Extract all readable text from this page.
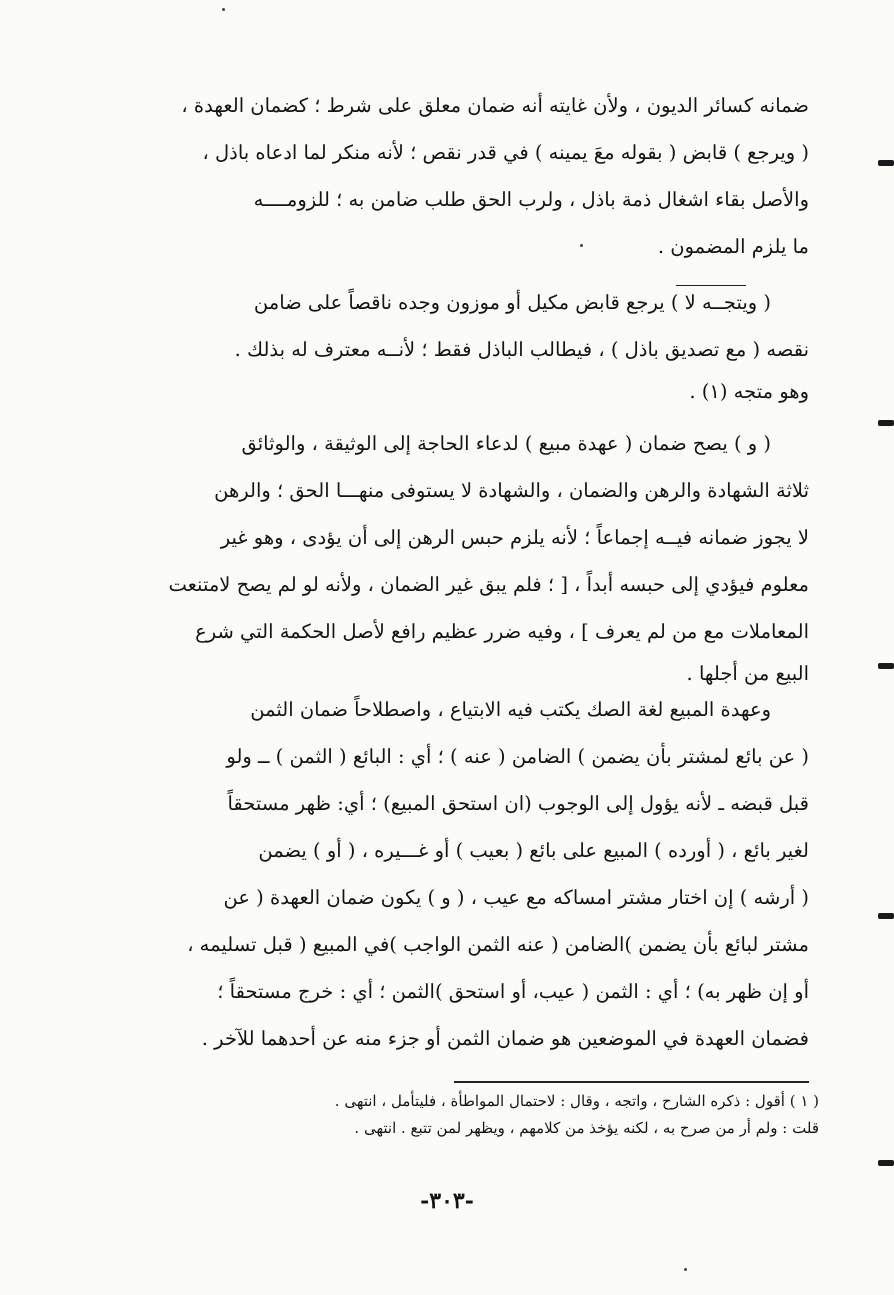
ضمانه كسائر الديون ، ولأن غايته أنه ضمان معلق على شرط ؛ كضمان العهدة ،
( ويرجع ) قابض ( بقوله معَ يمينه ) في قدر نقص ؛ لأنه منكر لما ادعاه باذل ،
والأصل بقاء اشغال ذمة باذل ، ولرب الحق طلب ضامن به ؛ للزومــــه
ما يلزم المضمون .
( ويتجــه لا ) يرجع قابض مكيل أو موزون وجده ناقصاً على ضامن
نقصه ( مع تصديق باذل ) ، فيطالب الباذل فقط ؛ لأنــه معترف له بذلك .
وهو متجه (١) .
( و ) يصح ضمان ( عهدة مبيع ) لدعاء الحاجة إلى الوثيقة ، والوثائق
ثلاثة الشهادة والرهن والضمان ، والشهادة لا يستوفى منهـــا الحق ؛ والرهن
لا يجوز ضمانه فيــه إجماعاً ؛ لأنه يلزم حبس الرهن إلى أن يؤدى ، وهو غير
معلوم فيؤدي إلى حبسه أبداً ، [ ؛ فلم يبق غير الضمان ، ولأنه لو لم يصح لامتنعت
المعاملات مع من لم يعرف ] ، وفيه ضرر عظيم رافع لأصل الحكمة التي شرع
البيع من أجلها .
وعهدة المبيع لغة الصك يكتب فيه الابتياع ، واصطلاحاً ضمان الثمن
( عن بائع لمشتر بأن يضمن ) الضامن ( عنه ) ؛ أي : البائع ( الثمن ) ــ ولو
قبل قبضه ـ لأنه يؤول إلى الوجوب (ان استحق المبيع) ؛ أي: ظهر مستحقاً
لغير بائع ، ( أورده ) المبيع على بائع ( بعيب ) أو غـــيره ، ( أو ) يضمن
( أرشه ) إن اختار مشتر امساكه مع عيب ، ( و ) يكون ضمان العهدة ( عن
مشتر لبائع بأن يضمن )الضامن ( عنه الثمن الواجب )في المبيع ( قبل تسليمه ،
أو إن ظهر به) ؛ أي : الثمن ( عيب، أو استحق )الثمن ؛ أي : خرج مستحقاً ؛
فضمان العهدة في الموضعين هو ضمان الثمن أو جزء منه عن أحدهما للآخر .
( ١ ) أقول : ذكره الشارح ، واتجه ، وقال : لاحتمال المواطأة ، فليتأمل ، انتهى .
قلت : ولم أر من صرح به ، لكنه يؤخذ من كلامهم ، ويظهر لمن تتبع . انتهى .
-٣٠٣-
